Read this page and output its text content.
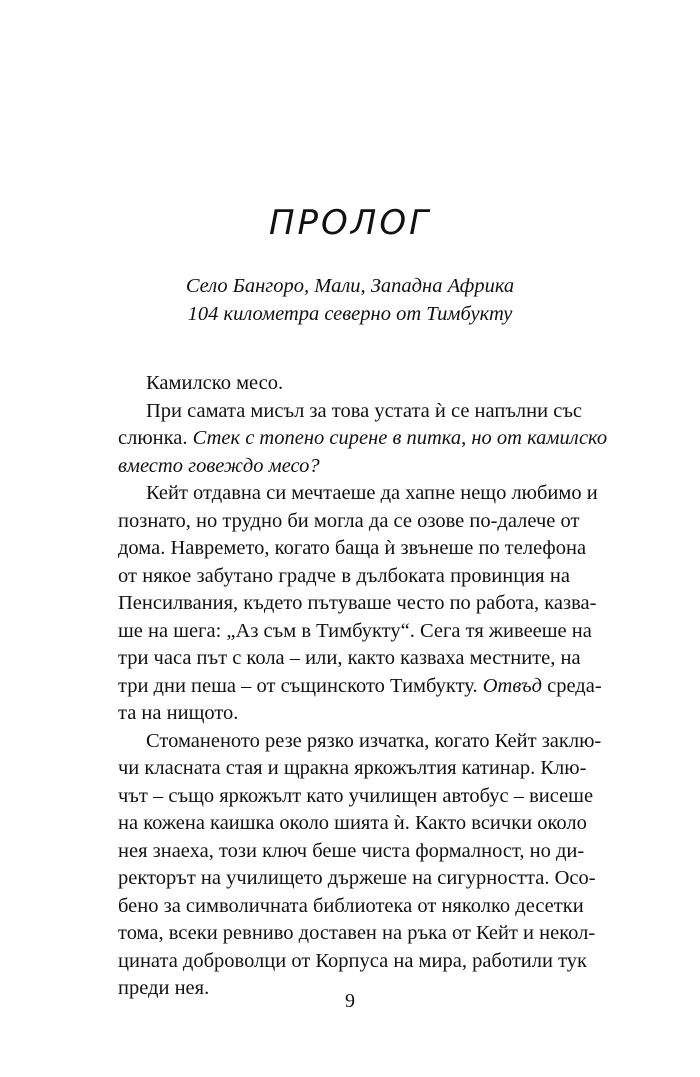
ПРОЛОГ
Село Бангоро, Мали, Западна Африка
104 километра северно от Тимбукту
Камилско месо.
При самата мисъл за това устата ѝ се напълни със
слюнка. Стек с топено сирене в питка, но от камилско
вместо говеждо месо?
Кейт отдавна си мечтаеше да хапне нещо любимо и
познато, но трудно би могла да се озове по-далече от
дома. Навремето, когато баща ѝ звънеше по телефона
от някое забутано градче в дълбоката провинция на
Пенсилвания, където пътуваше често по работа, казва-
ше на шега: „Аз съм в Тимбукту“. Сега тя живееше на
три часа път с кола – или, както казваха местните, на
три дни пеша – от същинското Тимбукту. Отвъд среда-
та на нищото.
Стоманеното резе рязко изчатка, когато Кейт заклю-
чи класната стая и щракна яркожълтия катинар. Клю-
чът – също яркожълт като училищен автобус – висеше
на кожена каишка около шията ѝ. Както всички около
нея знаеха, този ключ беше чиста формалност, но ди-
ректорът на училището държеше на сигурността. Осо-
бено за символичната библиотека от няколко десетки
тома, всеки ревниво доставен на ръка от Кейт и некол-
цината доброволци от Корпуса на мира, работили тук
преди нея.
9
